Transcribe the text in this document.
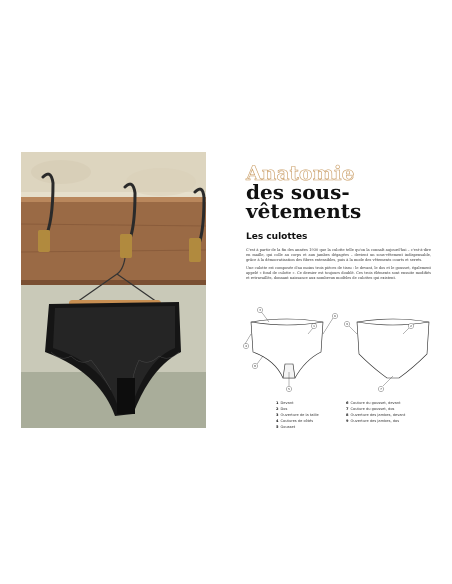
Anatomie
des sous-
vêtements
Les culottes

C'est à partir de la fin des années 1930 que la culotte telle qu'on la connaît aujourd'hui – c'est-à-dire en maille, qui colle au corps et aux jambes dégagées – devient un sous-vêtement indispensable, grâce à la démocratisation des fibres extensibles, puis à la mode des vêtements courts et serrés.

Une culotte est composée d'au moins trois pièces de tissu : le devant, le dos et le gousset, également appelé « fond de culotte ». Ce dernier est toujours doublé. Ces trois éléments sont ensuite modifiés et retravaillés, donnant naissance aux nombreux modèles de culottes qui existent.

3
4
1
6
8
5
9	2
7
1 Devant
2 Dos
3 Ouverture de la taille
4 Coutures de côtés
5 Gousset
6 Couture du gousset, devant
7 Couture du gousset, dos
8 Ouverture des jambes, devant
9 Ouverture des jambes, dos
